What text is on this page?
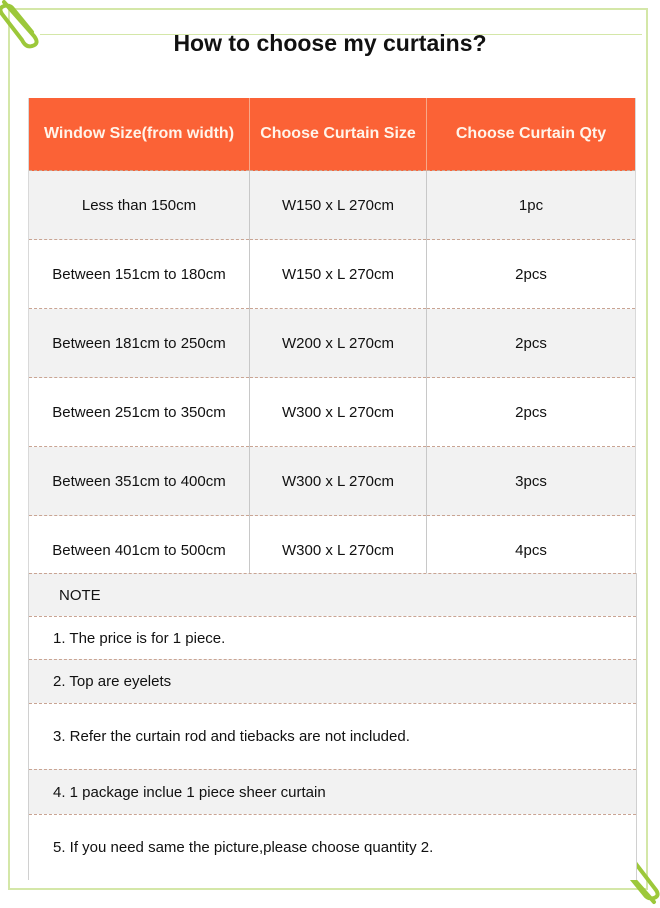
How to choose my curtains?
Window Size(from width)	Choose Curtain Size	Choose Curtain Qty
Less than 150cm	W150 x L 270cm	1pc
Between 151cm to 180cm	W150 x L 270cm	2pcs
Between 181cm to 250cm	W200 x L 270cm	2pcs
Between 251cm to 350cm	W300 x L 270cm	2pcs
Between 351cm to 400cm	W300 x L 270cm	3pcs
Between 401cm to 500cm	W300 x L 270cm	4pcs
NOTE
1. The price is for 1 piece.
2. Top are eyelets
3. Refer the curtain rod and tiebacks are not included.
4. 1 package inclue 1 piece sheer curtain
5. If you need same the picture,please choose quantity 2.
